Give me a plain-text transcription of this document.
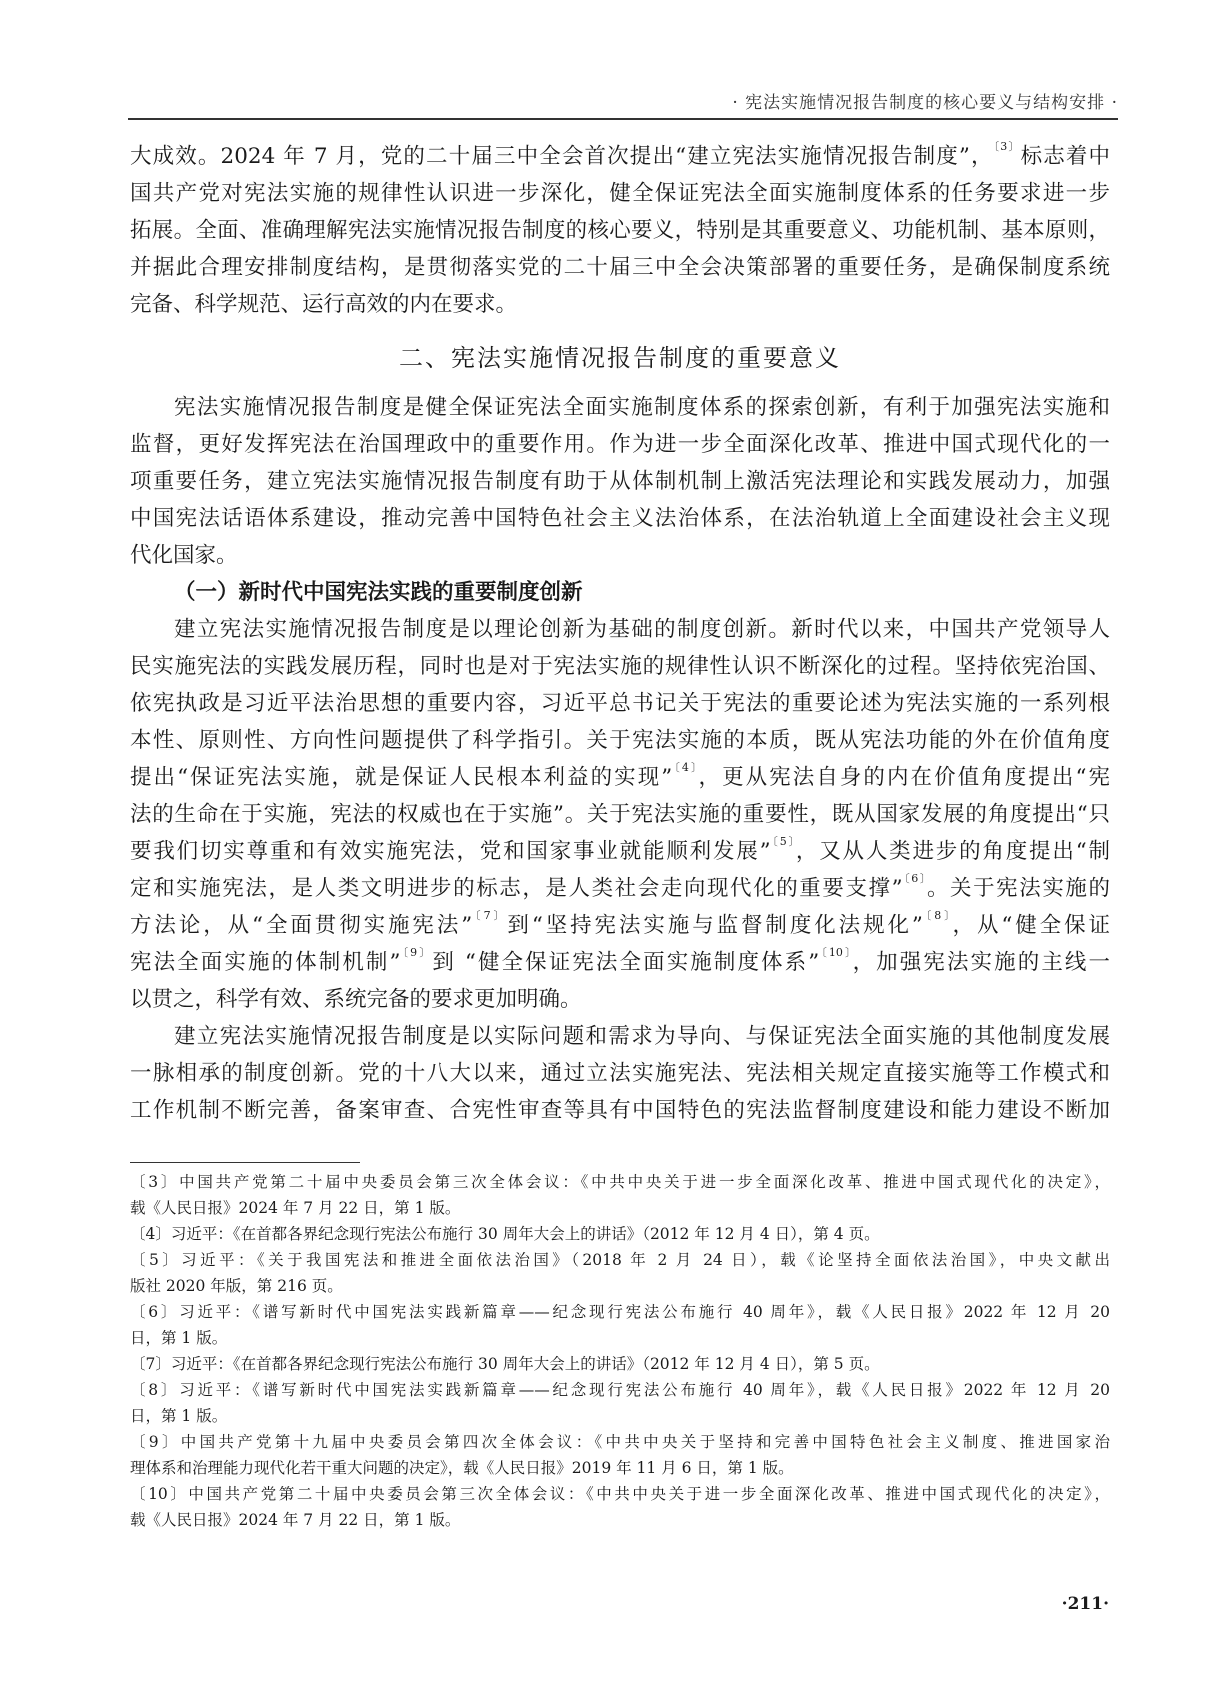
· 宪法实施情况报告制度的核心要义与结构安排 ·
大成效。2024 年 7 月，党的二十届三中全会首次提出“建立宪法实施情况报告制度”，$^{〔3〕}$标志着中
国共产党对宪法实施的规律性认识进一步深化，健全保证宪法全面实施制度体系的任务要求进一步
拓展。全面、准确理解宪法实施情况报告制度的核心要义，特别是其重要意义、功能机制、基本原则，
并据此合理安排制度结构，是贯彻落实党的二十届三中全会决策部署的重要任务，是确保制度系统
完备、科学规范、运行高效的内在要求。
二、宪法实施情况报告制度的重要意义
宪法实施情况报告制度是健全保证宪法全面实施制度体系的探索创新，有利于加强宪法实施和
监督，更好发挥宪法在治国理政中的重要作用。作为进一步全面深化改革、推进中国式现代化的一
项重要任务，建立宪法实施情况报告制度有助于从体制机制上激活宪法理论和实践发展动力，加强
中国宪法话语体系建设，推动完善中国特色社会主义法治体系，在法治轨道上全面建设社会主义现
代化国家。
（一）新时代中国宪法实践的重要制度创新
建立宪法实施情况报告制度是以理论创新为基础的制度创新。新时代以来，中国共产党领导人
民实施宪法的实践发展历程，同时也是对于宪法实施的规律性认识不断深化的过程。坚持依宪治国、
依宪执政是习近平法治思想的重要内容，习近平总书记关于宪法的重要论述为宪法实施的一系列根
本性、原则性、方向性问题提供了科学指引。关于宪法实施的本质，既从宪法功能的外在价值角度
提出“保证宪法实施，就是保证人民根本利益的实现”$^{〔4〕}$，更从宪法自身的内在价值角度提出“宪
法的生命在于实施，宪法的权威也在于实施”。关于宪法实施的重要性，既从国家发展的角度提出“只
要我们切实尊重和有效实施宪法，党和国家事业就能顺利发展”$^{〔5〕}$，又从人类进步的角度提出“制
定和实施宪法，是人类文明进步的标志，是人类社会走向现代化的重要支撑”$^{〔6〕}$。关于宪法实施的
方法论，从“全面贯彻实施宪法”$^{〔7〕}$到“坚持宪法实施与监督制度化法规化”$^{〔8〕}$，从“健全保证
宪法全面实施的体制机制”$^{〔9〕}$到 “健全保证宪法全面实施制度体系”$^{〔10〕}$，加强宪法实施的主线一
以贯之，科学有效、系统完备的要求更加明确。
建立宪法实施情况报告制度是以实际问题和需求为导向、与保证宪法全面实施的其他制度发展
一脉相承的制度创新。党的十八大以来，通过立法实施宪法、宪法相关规定直接实施等工作模式和
工作机制不断完善，备案审查、合宪性审查等具有中国特色的宪法监督制度建设和能力建设不断加
〔3〕中国共产党第二十届中央委员会第三次全体会议：《中共中央关于进一步全面深化改革、推进中国式现代化的决定》，
载《人民日报》2024 年 7 月 22 日，第 1 版。
〔4〕习近平：《在首都各界纪念现行宪法公布施行 30 周年大会上的讲话》（2012 年 12 月 4 日），第 4 页。
〔5〕习近平：《关于我国宪法和推进全面依法治国》（2018 年 2 月 24 日），载《论坚持全面依法治国》，中央文献出
版社 2020 年版，第 216 页。
〔6〕习近平：《谱写新时代中国宪法实践新篇章——纪念现行宪法公布施行 40 周年》，载《人民日报》2022 年 12 月 20
日，第 1 版。
〔7〕习近平：《在首都各界纪念现行宪法公布施行 30 周年大会上的讲话》（2012 年 12 月 4 日），第 5 页。
〔8〕习近平：《谱写新时代中国宪法实践新篇章——纪念现行宪法公布施行 40 周年》，载《人民日报》2022 年 12 月 20
日，第 1 版。
〔9〕中国共产党第十九届中央委员会第四次全体会议：《中共中央关于坚持和完善中国特色社会主义制度、推进国家治
理体系和治理能力现代化若干重大问题的决定》，载《人民日报》2019 年 11 月 6 日，第 1 版。
〔10〕中国共产党第二十届中央委员会第三次全体会议：《中共中央关于进一步全面深化改革、推进中国式现代化的决定》，
载《人民日报》2024 年 7 月 22 日，第 1 版。
·211·
